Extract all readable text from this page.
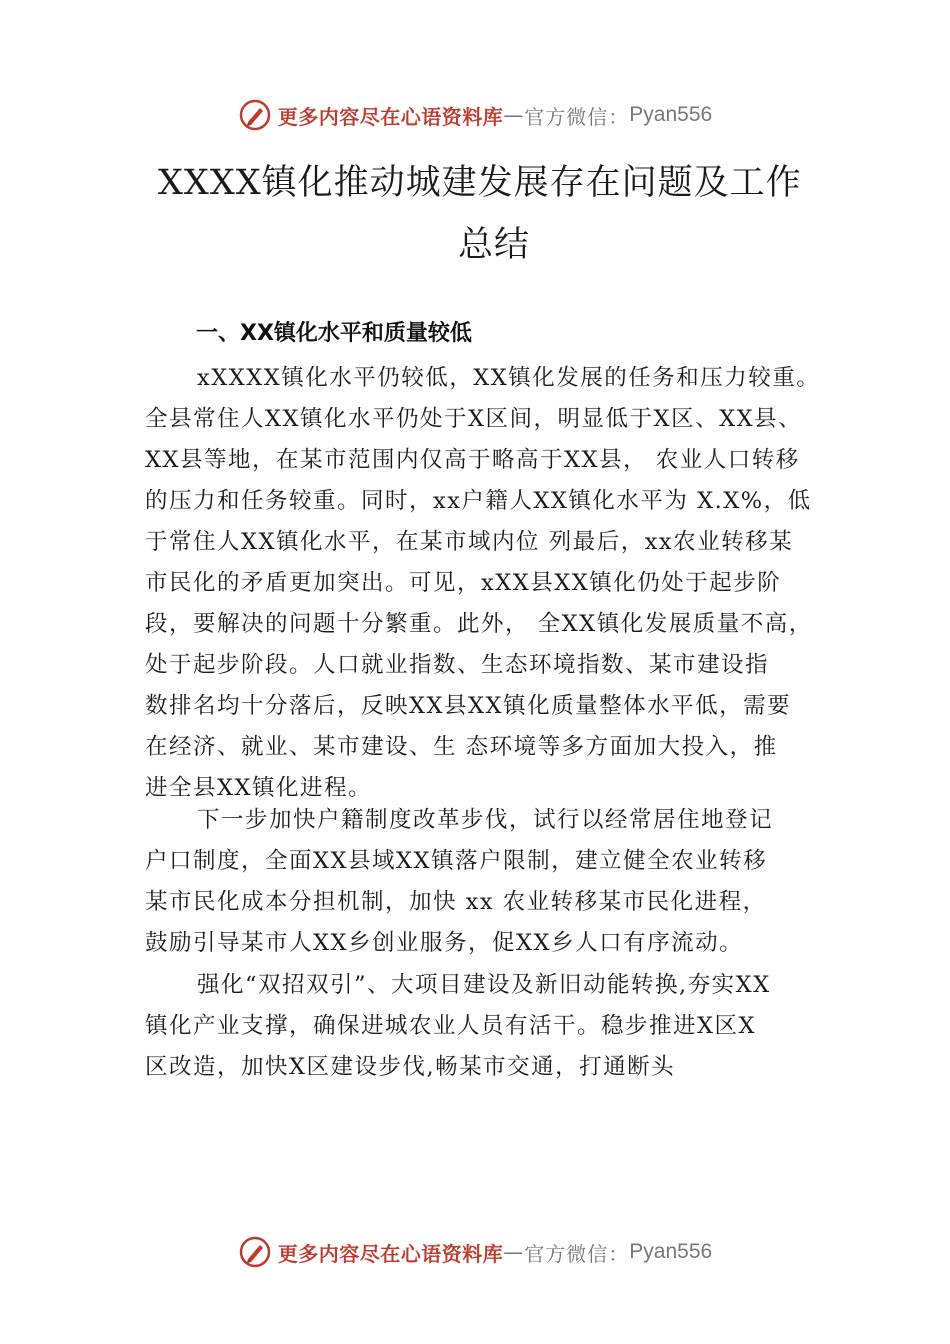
更多内容尽在心语资料库 — 官方微信： Pyan556
XXXX镇化推动城建发展存在问题及工作
总结
一、XX镇化水平和质量较低
xXXXX镇化水平仍较低，XX镇化发展的任务和压力较重。
全县常住人XX镇化水平仍处于X区间，明显低于X区、XX县、
XX县等地，在某市范围内仅高于略高于XX县， 农业人口转移
的压力和任务较重。同时，xx户籍人XX镇化水平为 X.X%，低
于常住人XX镇化水平，在某市域内位 列最后，xx农业转移某
市民化的矛盾更加突出。可见，xXX县XX镇化仍处于起步阶
段，要解决的问题十分繁重。此外， 全XX镇化发展质量不高，
处于起步阶段。人口就业指数、生态环境指数、某市建设指
数排名均十分落后，反映XX县XX镇化质量整体水平低，需要
在经济、就业、某市建设、生 态环境等多方面加大投入，推
进全县XX镇化进程。
下一步加快户籍制度改革步伐，试行以经常居住地登记
户口制度，全面XX县域XX镇落户限制，建立健全农业转移
某市民化成本分担机制，加快 xx 农业转移某市民化进程，
鼓励引导某市人XX乡创业服务，促XX乡人口有序流动。
强化“双招双引”、大项目建设及新旧动能转换,夯实XX
镇化产业支撑，确保进城农业人员有活干。稳步推进X区X
区改造，加快X区建设步伐,畅某市交通，打通断头
更多内容尽在心语资料库 — 官方微信： Pyan556
